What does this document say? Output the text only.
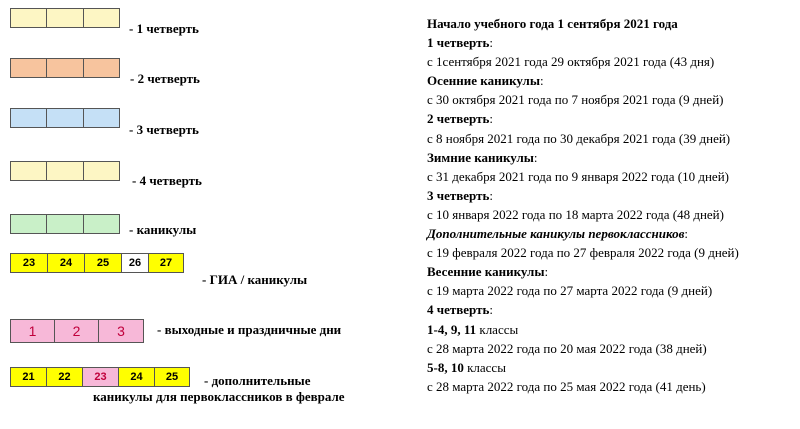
- 1 четверть
- 2 четверть
- 3 четверть
- 4 четверть
- каникулы
23	24	25	26	27
- ГИА / каникулы
1	2	3	- выходные и праздничные дни
21	22	23	24	25	- дополнительные
каникулы для первоклассников в феврале
Начало учебного года 1 сентября 2021 года
1 четверть:
с 1сентября 2021 года 29 октября 2021 года (43 дня)
Осенние каникулы:
с 30 октября 2021 года по 7 ноября 2021 года (9 дней)
2 четверть:
с 8 ноября 2021 года по 30 декабря 2021 года (39 дней)
Зимние каникулы:
с 31 декабря 2021 года по 9 января 2022 года (10 дней)
3 четверть:
с 10 января 2022 года по 18 марта 2022 года (48 дней)
Дополнительные каникулы первоклассников:
с 19 февраля 2022 года по 27 февраля 2022 года (9 дней)
Весенние каникулы:
с 19 марта 2022 года по 27 марта 2022 года (9 дней)
4 четверть:
1-4, 9, 11 классы
с 28 марта 2022 года по 20 мая 2022 года (38 дней)
5-8, 10 классы
с 28 марта 2022 года по 25 мая 2022 года (41 день)
